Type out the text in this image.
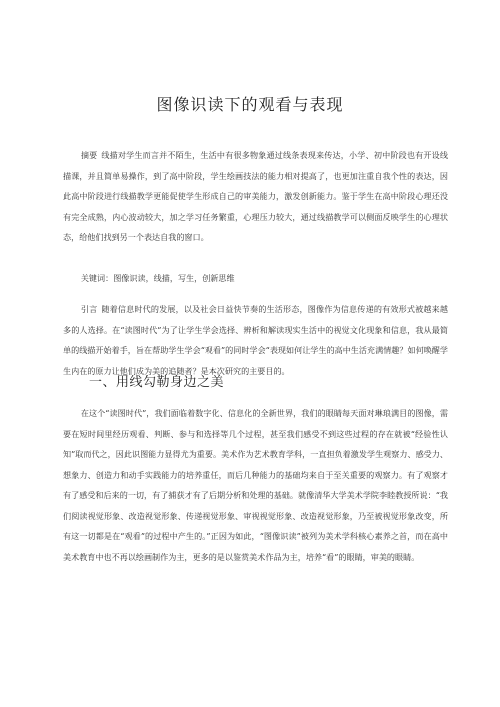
图像识读下的观看与表现

摘要 线描对学生而言并不陌生，生活中有很多物象通过线条表现来传达，小学、初中阶段也有开设线描课，并且简单易操作，到了高中阶段，学生绘画技法的能力相对提高了，也更加注重自我个性的表达，因此高中阶段进行线描教学更能促使学生形成自己的审美能力，激发创新能力。鉴于学生在高中阶段心理还没有完全成熟，内心波动较大，加之学习任务繁重，心理压力较大，通过线描教学可以侧面反映学生的心理状态，给他们找到另一个表达自我的窗口。

关键词：图像识读，线描，写生，创新思维

引言 随着信息时代的发展，以及社会日益快节奏的生活形态，图像作为信息传递的有效形式被越来越多的人选择。在“读图时代”为了让学生学会选择、辨析和解读现实生活中的视觉文化现象和信息，我从最简单的线描开始着手，旨在帮助学生学会“观看”的同时学会“表现如何让学生的高中生活充满情趣？如何唤醒学生内在的原力让他们成为美的追随者？是本次研究的主要目的。

一、用线勾勒身边之美

在这个“读图时代”，我们面临着数字化、信息化的全新世界，我们的眼睛每天面对琳琅满目的图像，需要在短时间里经历观看、判断、参与和选择等几个过程，甚至我们感受不到这些过程的存在就被“经验性认知”取而代之，因此识图能力显得尤为重要。美术作为艺术教育学科，一直担负着激发学生观察力、感受力、想象力、创造力和动手实践能力的培养重任，而后几种能力的基础均来自于至关重要的观察力。有了观察才有了感受和后来的一切，有了捕获才有了后期分析和处理的基础。就像清华大学美术学院李睦教授所说：“我们阅读视觉形象、改造视觉形象、传递视觉形象、审视视觉形象、改造视觉形象，乃至被视觉形象改变，所有这一切都是在“观看”的过程中产生的。”正因为如此，“图像识读”被列为美术学科核心素养之首，而在高中美术教育中也不再以绘画制作为主，更多的是以鉴赏美术作品为主，培养“看”的眼睛，审美的眼睛。
